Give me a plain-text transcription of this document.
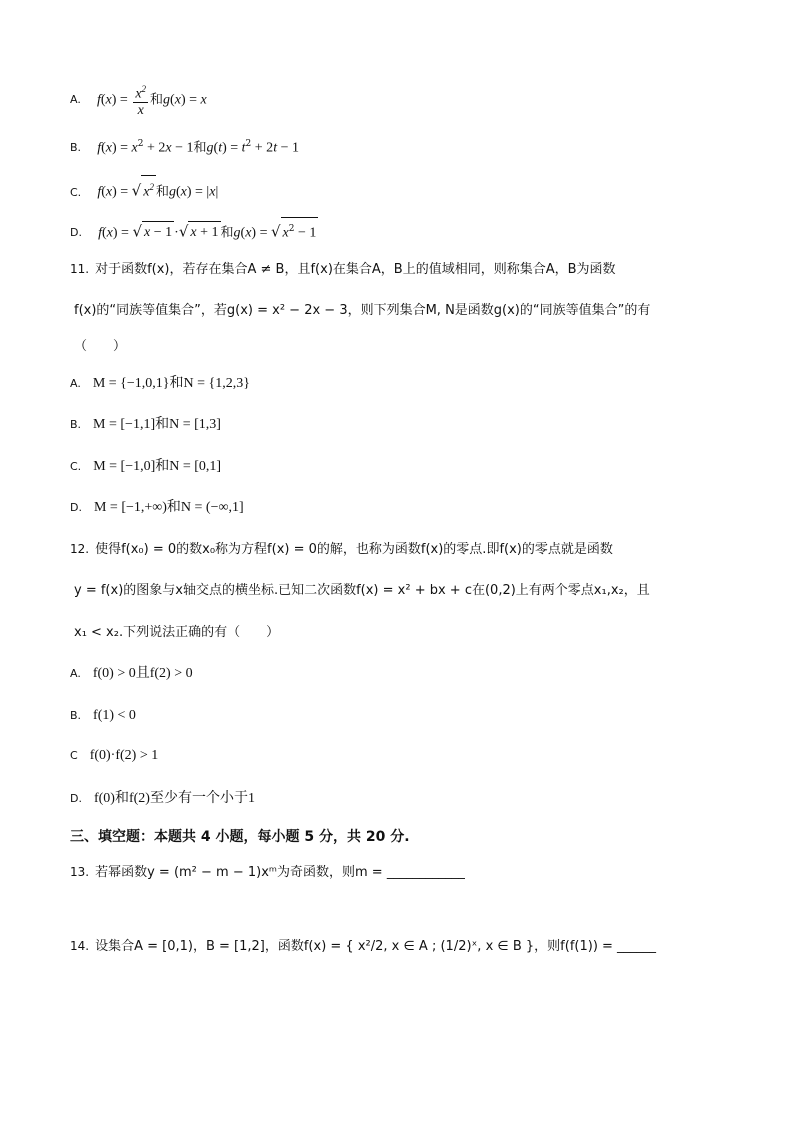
A. $f(x) = \frac{x^2}{x}$ 和g(x) = x
B. $f(x) = x^2 + 2x - 1$和$g(t) = t^2 + 2t - 1$
C. f(x) = √ $x^2$ 和g(x) = |x|
D. f(x) = √ x − 1 ·√ x + 1 和g(x) = √ $x^2 - 1$
11. 对于函数f(x)，若存在集合A ≠ B，且f(x)在集合A，B上的值域相同，则称集合A，B为函数
f(x)的“同族等值集合”，若g(x) = x² − 2x − 3，则下列集合M, N是函数g(x)的“同族等值集合”的有
（　　）
A. M = {−1,0,1}和N = {1,2,3}
B. M = [−1,1]和N = [1,3]
C. M = [−1,0]和N = [0,1]
D. M = [−1,+∞)和N = (−∞,1]
12. 使得f(x₀) = 0的数x₀称为方程f(x) = 0的解，也称为函数f(x)的零点.即f(x)的零点就是函数
y = f(x)的图象与x轴交点的横坐标.已知二次函数f(x) = x² + bx + c在(0,2)上有两个零点x₁,x₂，且
x₁ < x₂.下列说法正确的有（　　）
A. f(0) > 0且f(2) > 0
B. f(1) < 0
C f(0)·f(2) > 1
D. f(0)和f(2)至少有一个小于1
三、填空题：本题共 4 小题，每小题 5 分，共 20 分.
13. 若幂函数y = (m² − m − 1)xᵐ为奇函数，则m = ____________
14. 设集合A = [0,1)，B = [1,2]，函数f(x) = { x²/2, x ∈ A ; (1/2)ˣ, x ∈ B }，则f(f(1)) = ______
